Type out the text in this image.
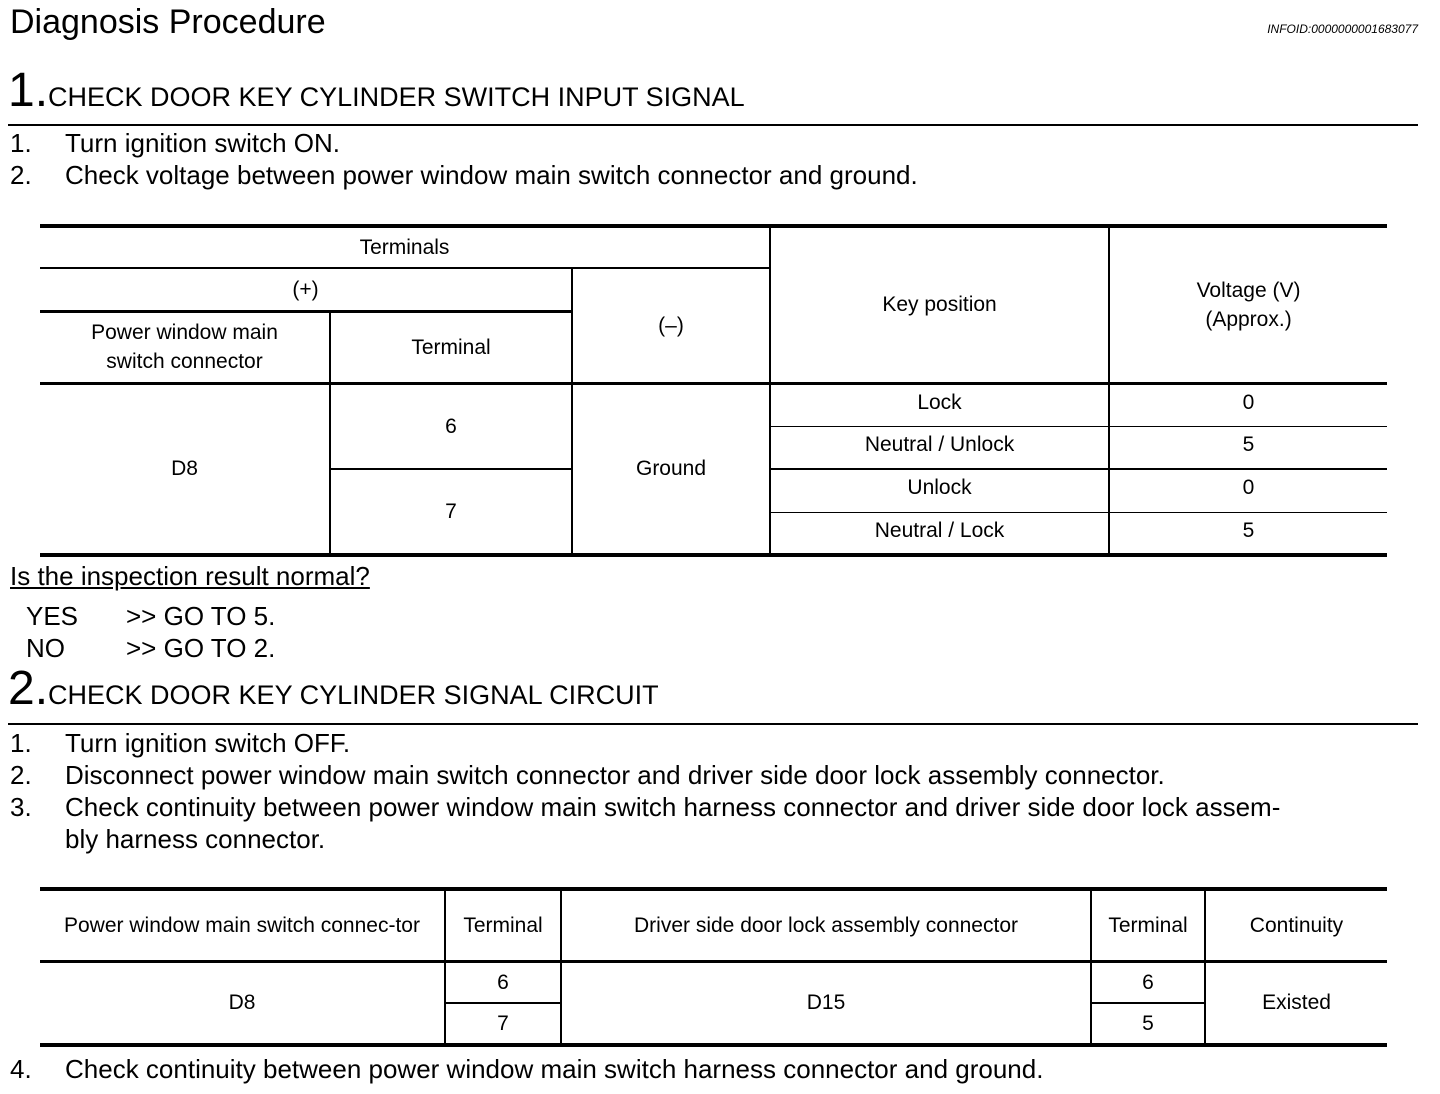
Diagnosis Procedure	INFOID:0000000001683077
1.CHECK DOOR KEY CYLINDER SWITCH INPUT SIGNAL
1. Turn ignition switch ON.
2. Check voltage between power window main switch connector and ground.
Terminals			Key position	Voltage (V) (Approx.)

(+)		(–)		

Power window main switch connector	Terminal			
D8	6	Ground	Lock	0
			Neutral / Unlock	5
	7		Unlock	0
			Neutral / Lock	5
Is the inspection result normal?
YES >> GO TO 5.
NO >> GO TO 2.
2.CHECK DOOR KEY CYLINDER SIGNAL CIRCUIT
1. Turn ignition switch OFF.
2. Disconnect power window main switch connector and driver side door lock assembly connector.
3. Check continuity between power window main switch harness connector and driver side door lock assem-
bly harness connector.
Power window main switch connec-tor	Terminal	Driver side door lock assembly connector	Terminal	Continuity
D8	6	D15	6	Existed
	7		5	
4. Check continuity between power window main switch harness connector and ground.
